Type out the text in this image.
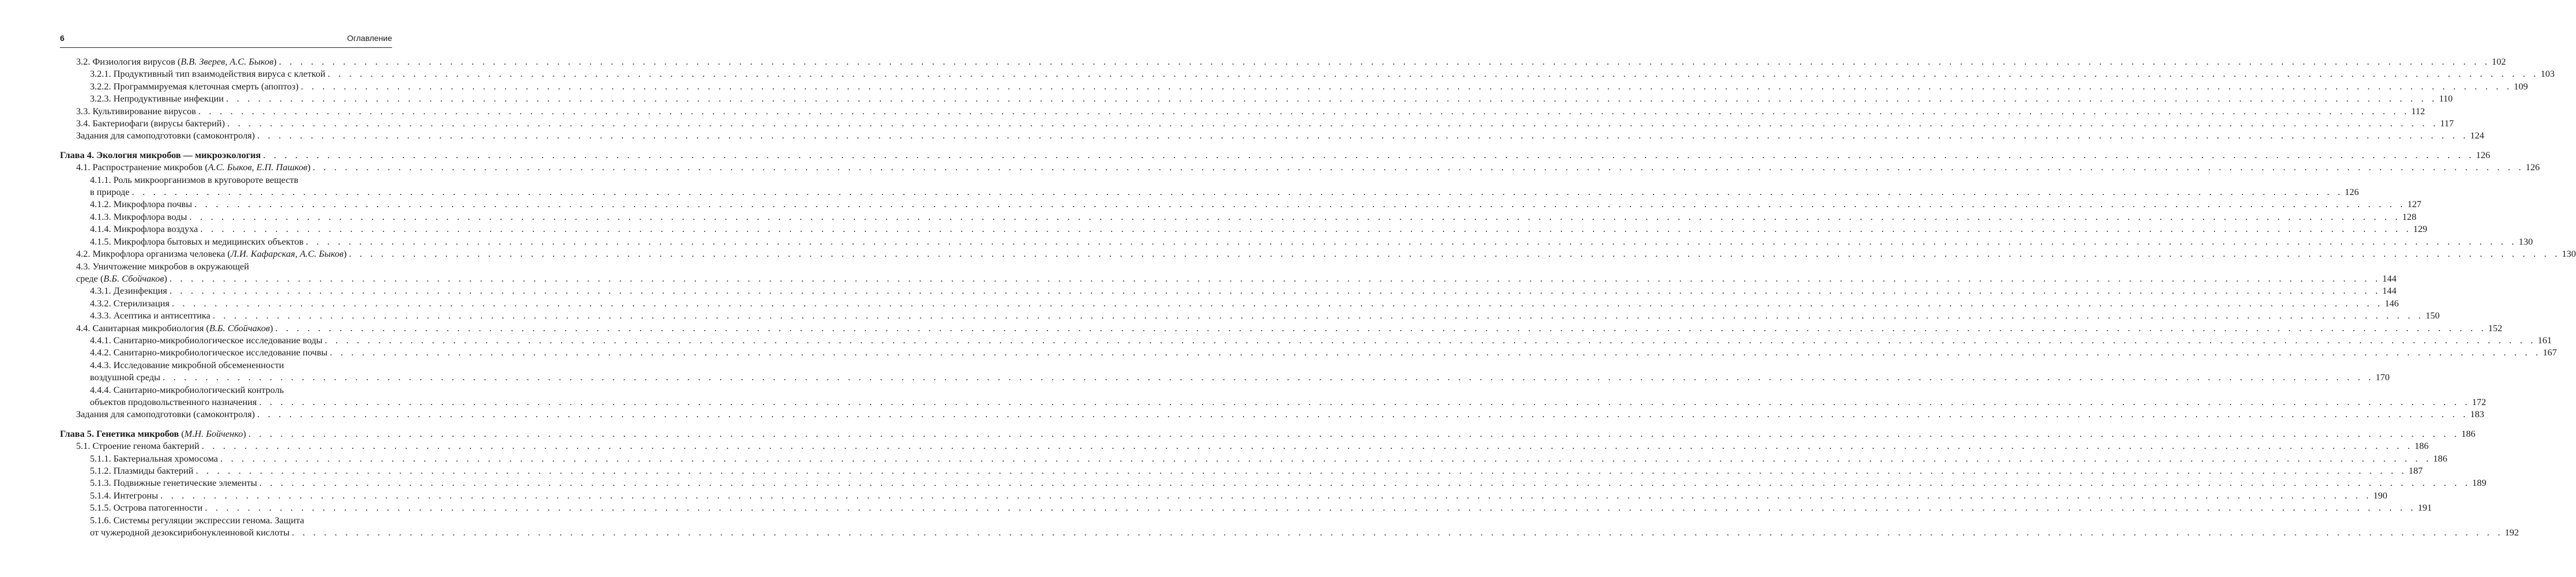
6	Оглавление
3.2. Физиология вирусов (В.В. Зверев, А.С. Быков) . . .	102
3.2.1. Продуктивный тип взаимодействия вируса с клеткой . . .	103
3.2.2. Программируемая клеточная смерть (апоптоз) . . .	109
3.2.3. Непродуктивные инфекции . . .	110
3.3. Культивирование вирусов . . .	112
3.4. Бактериофаги (вирусы бактерий) . . .	117
Задания для самоподготовки (самоконтроля) . . .	124
Глава 4. Экология микробов — микроэкология . . .	126
4.1. Распространение микробов (А.С. Быков, Е.П. Пашков) . . .	126
4.1.1. Роль микроорганизмов в круговороте веществ
в природе . . .	126
4.1.2. Микрофлора почвы . . .	127
4.1.3. Микрофлора воды . . .	128
4.1.4. Микрофлора воздуха . . .	129
4.1.5. Микрофлора бытовых и медицинских объектов . . .	130
4.2. Микрофлора организма человека (Л.И. Кафарская, А.С. Быков) . . .	130
4.3. Уничтожение микробов в окружающей
среде (В.Б. Сбойчаков) . . .	144
4.3.1. Дезинфекция . . .	144
4.3.2. Стерилизация . . .	146
4.3.3. Асептика и антисептика . . .	150
4.4. Санитарная микробиология (В.Б. Сбойчаков) . . .	152
4.4.1. Санитарно-микробиологическое исследование воды . . .	161
4.4.2. Санитарно-микробиологическое исследование почвы . . .	167
4.4.3. Исследование микробной обсемененности
воздушной среды . . .	170
4.4.4. Санитарно-микробиологический контроль
объектов продовольственного назначения . . .	172
Задания для самоподготовки (самоконтроля) . . .	183
Глава 5. Генетика микробов (М.Н. Бойченко) . . .	186
5.1. Строение генома бактерий . . .	186
5.1.1. Бактериальная хромосома . . .	186
5.1.2. Плазмиды бактерий . . .	187
5.1.3. Подвижные генетические элементы . . .	189
5.1.4. Интегроны . . .	190
5.1.5. Острова патогенности . . .	191
5.1.6. Системы регуляции экспрессии генома. Защита
от чужеродной дезоксирибонуклеиновой кислоты . . .	192
